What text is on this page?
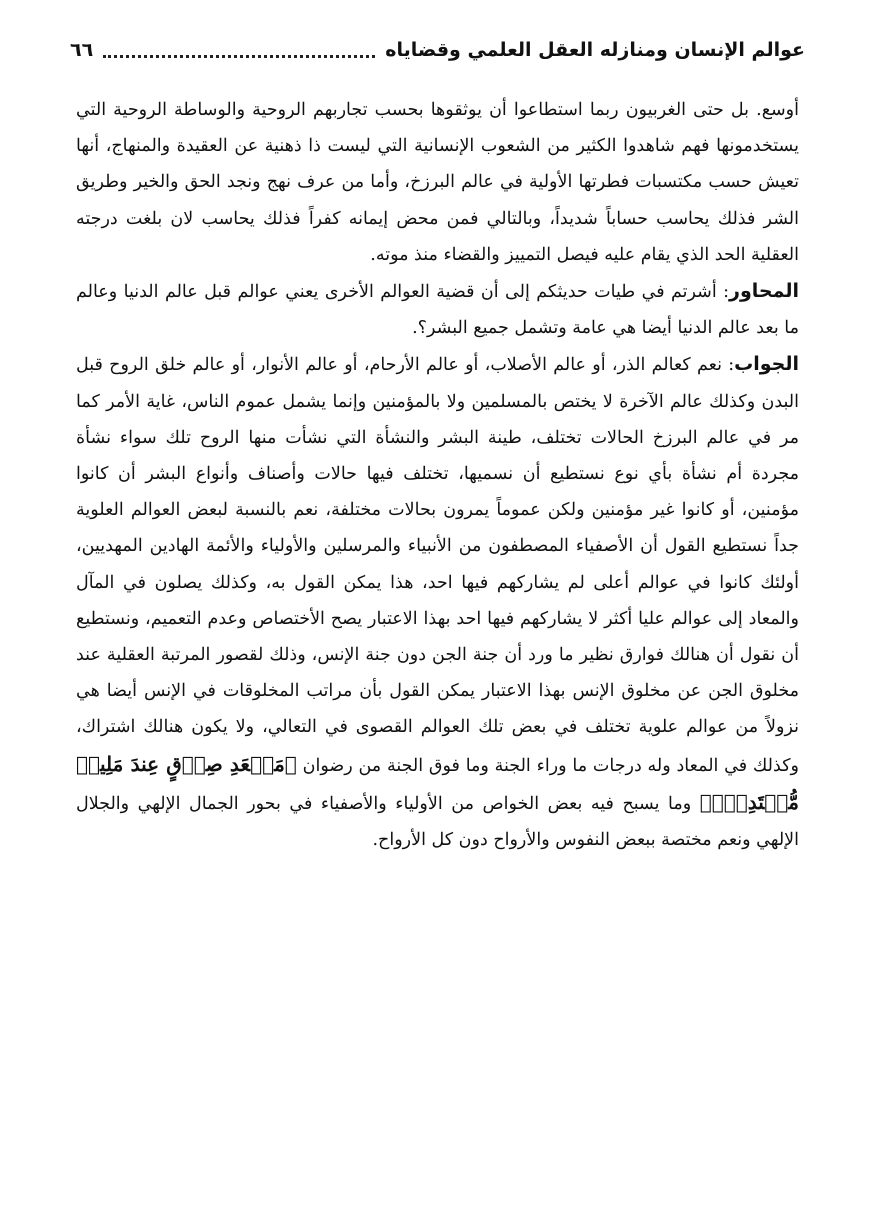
عوالم الإنسان ومنازله العقل العلمي وقضاياه
٦٦

أوسع. بل حتى الغربيون ربما استطاعوا أن يوثقوها بحسب تجاربهم الروحية والوساطة الروحية التي يستخدمونها فهم شاهدوا الكثير من الشعوب الإنسانية التي ليست ذا ذهنية عن العقيدة والمنهاج، أنها تعيش حسب مكتسبات فطرتها الأولية في عالم البرزخ، وأما من عرف نهج ونجد الحق والخير وطريق الشر فذلك يحاسب حساباً شديداً، وبالتالي فمن محض إيمانه كفراً فذلك يحاسب لان بلغت درجته العقلية الحد الذي يقام عليه فيصل التمييز والقضاء منذ موته.

المحاور: أشرتم في طيات حديثكم إلى أن قضية العوالم الأخرى يعني عوالم قبل عالم الدنيا وعالم ما بعد عالم الدنيا أيضا هي عامة وتشمل جميع البشر؟.

الجواب: نعم كعالم الذر، أو عالم الأصلاب، أو عالم الأرحام، أو عالم الأنوار، أو عالم خلق الروح قبل البدن وكذلك عالم الآخرة لا يختص بالمسلمين ولا بالمؤمنين وإنما يشمل عموم الناس، غاية الأمر كما مر في عالم البرزخ الحالات تختلف، طينة البشر والنشأة التي نشأت منها الروح تلك سواء نشأة مجردة أم نشأة بأي نوع نستطيع أن نسميها، تختلف فيها حالات وأصناف وأنواع البشر أن كانوا مؤمنين، أو كانوا غير مؤمنين ولكن عموماً يمرون بحالات مختلفة، نعم بالنسبة لبعض العوالم العلوية جداً نستطيع القول أن الأصفياء المصطفون من الأنبياء والمرسلين والأولياء والأئمة الهادين المهديين، أولئك كانوا في عوالم أعلى لم يشاركهم فيها احد، هذا يمكن القول به، وكذلك يصلون في المآل والمعاد إلى عوالم عليا أكثر لا يشاركهم فيها احد بهذا الاعتبار يصح الأختصاص وعدم التعميم، ونستطيع أن نقول أن هنالك فوارق نظير ما ورد أن جنة الجن دون جنة الإنس، وذلك لقصور المرتبة العقلية عند مخلوق الجن عن مخلوق الإنس بهذا الاعتبار يمكن القول بأن مراتب المخلوقات في الإنس أيضا هي نزولاً من عوالم علوية تختلف في بعض تلك العوالم القصوى في التعالي، ولا يكون هنالك اشتراك، وكذلك في المعاد وله درجات ما وراء الجنة وما فوق الجنة من رضوان ﴿مَقۡعَدِ صِدۡقٍ عِندَ مَلِيكٖ مُّقۡتَدِرِۢ﴾ وما يسبح فيه بعض الخواص من الأولياء والأصفياء في بحور الجمال الإلهي والجلال الإلهي ونعم مختصة ببعض النفوس والأرواح دون كل الأرواح.
